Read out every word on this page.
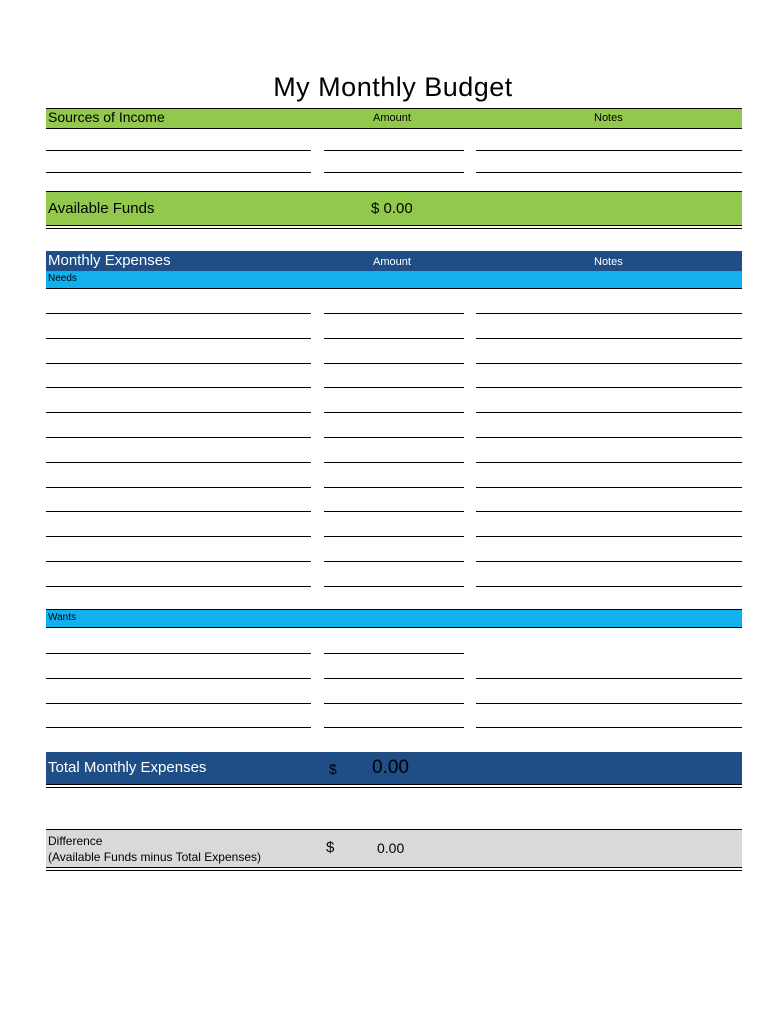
My Monthly Budget
Sources of Income	Amount	Notes
Available Funds	$ 0.00
Monthly Expenses	Amount	Notes
Needs
Wants
Total Monthly Expenses	$ 0.00
Difference
(Available Funds minus Total Expenses)
$	0.00
